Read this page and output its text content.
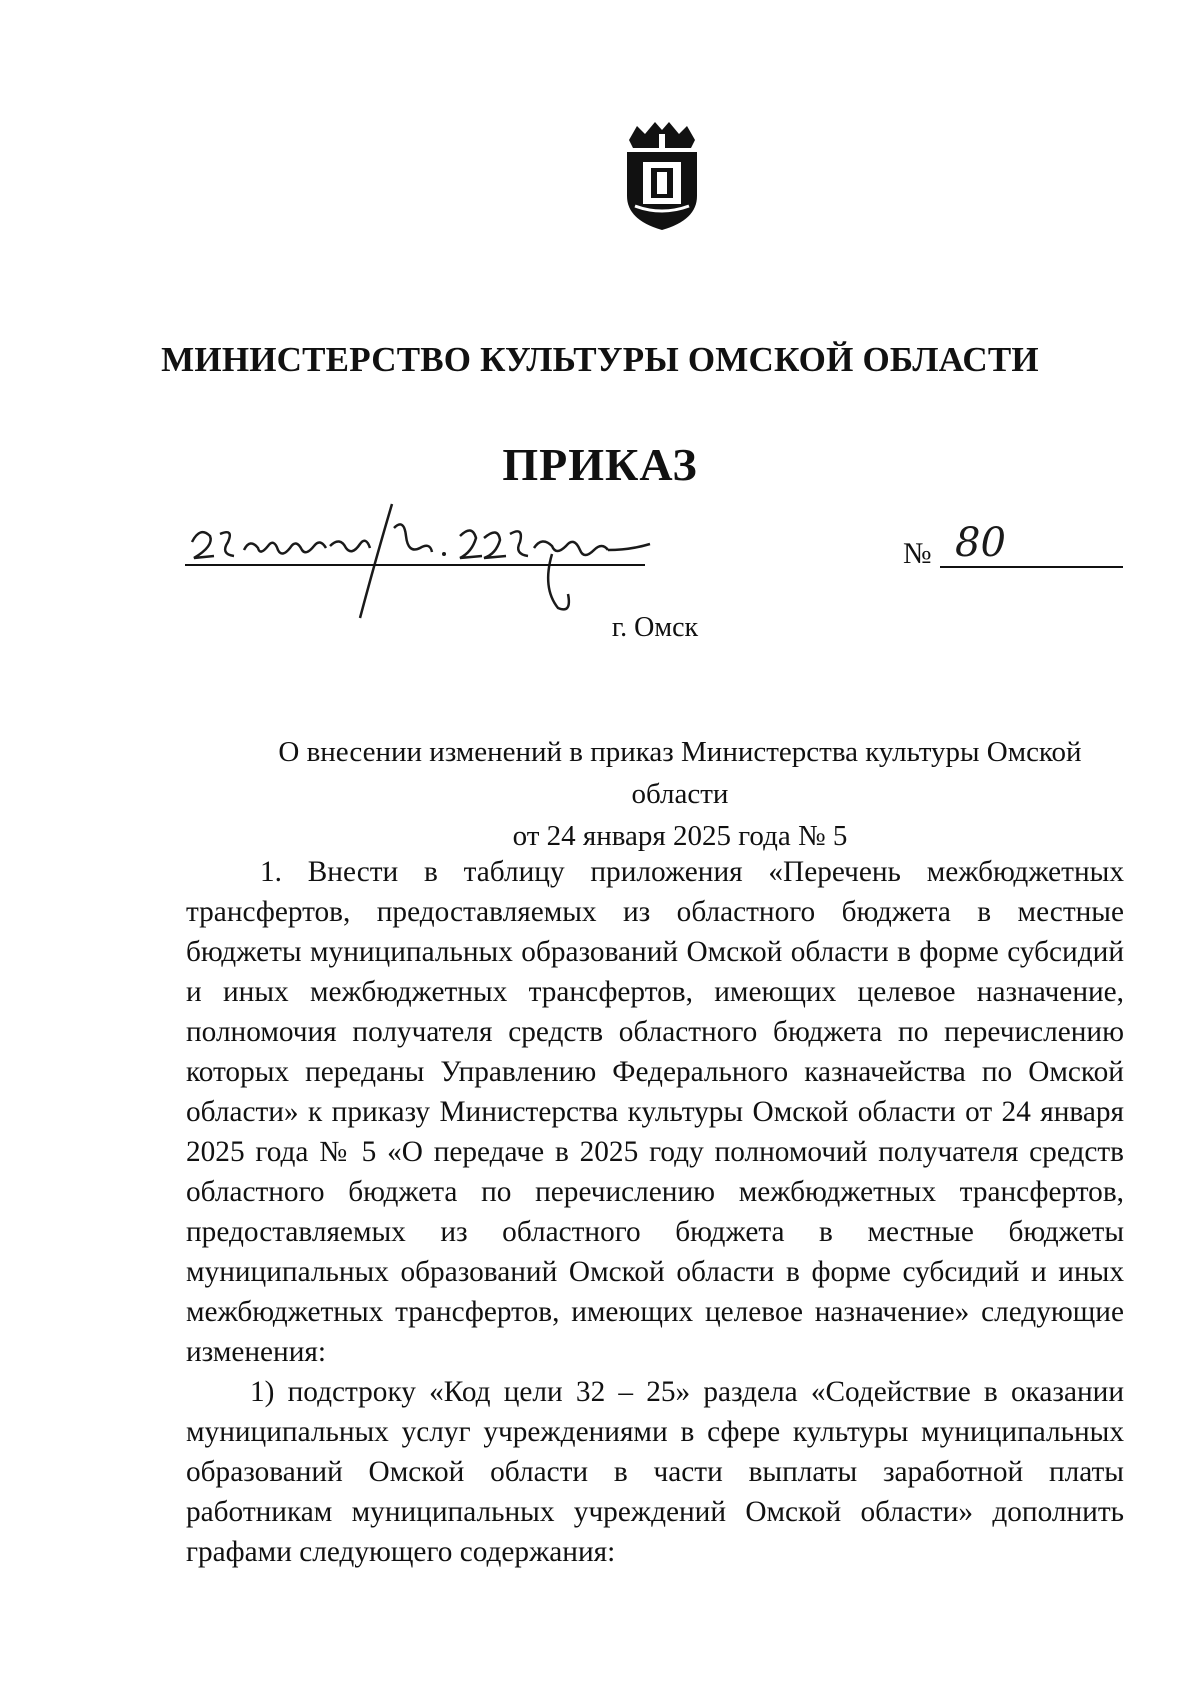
МИНИСТЕРСТВО КУЛЬТУРЫ ОМСКОЙ ОБЛАСТИ
ПРИКАЗ
№ 80
г. Омск
О внесении изменений в приказ Министерства культуры Омской области
от 24 января 2025 года № 5

1. Внести в таблицу приложения «Перечень межбюджетных трансфертов, предоставляемых из областного бюджета в местные бюджеты муниципальных образований Омской области в форме субсидий и иных межбюджетных трансфертов, имеющих целевое назначение, полномочия получателя средств областного бюджета по перечислению которых переданы Управлению Федерального казначейства по Омской области» к приказу Министерства культуры Омской области от 24 января 2025 года № 5 «О передаче в 2025 году полномочий получателя средств областного бюджета по перечислению межбюджетных трансфертов, предоставляемых из областного бюджета в местные бюджеты муниципальных образований Омской области в форме субсидий и иных межбюджетных трансфертов, имеющих целевое назначение» следующие изменения:

1) подстроку «Код цели 32 – 25» раздела «Содействие в оказании муниципальных услуг учреждениями в сфере культуры муниципальных образований Омской области в части выплаты заработной платы работникам муниципальных учреждений Омской области» дополнить графами следующего содержания:
